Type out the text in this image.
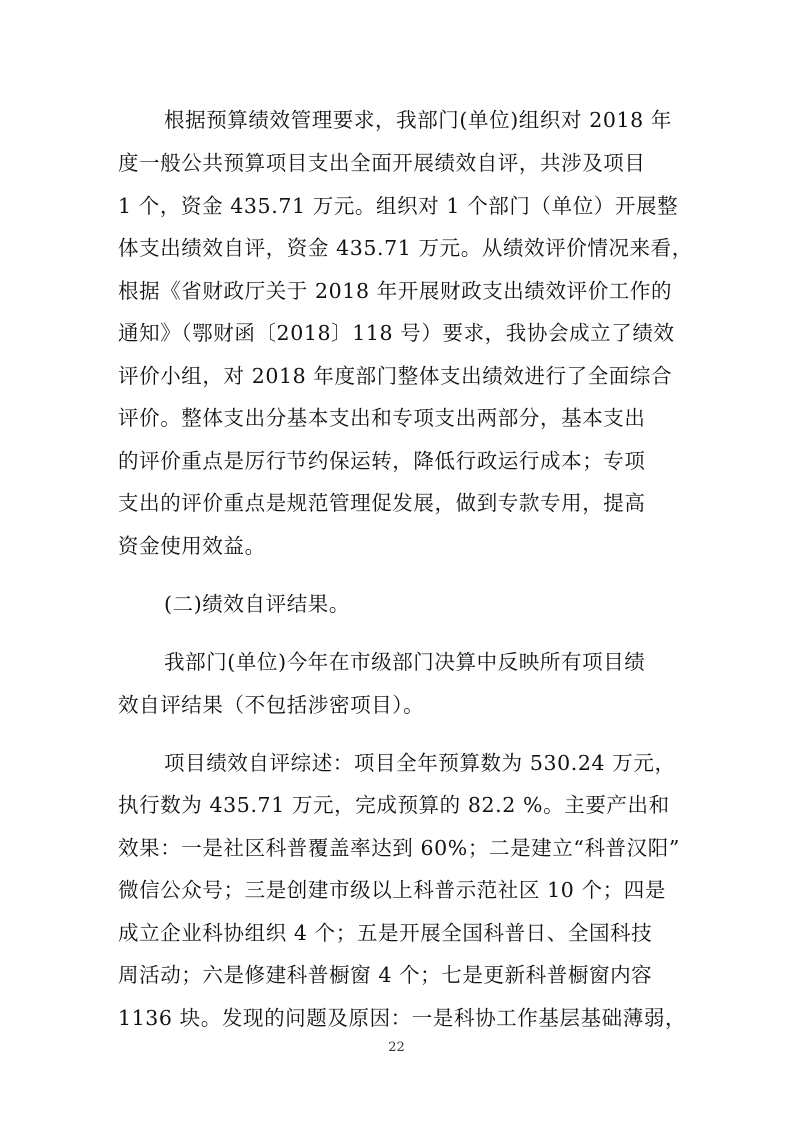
根据预算绩效管理要求，我部门(单位)组织对 2018 年
度一般公共预算项目支出全面开展绩效自评，共涉及项目
1 个，资金 435.71 万元。组织对 1 个部门（单位）开展整
体支出绩效自评，资金 435.71 万元。从绩效评价情况来看，
根据《省财政厅关于 2018 年开展财政支出绩效评价工作的
通知》（鄂财函〔2018〕118 号）要求，我协会成立了绩效
评价小组，对 2018 年度部门整体支出绩效进行了全面综合
评价。整体支出分基本支出和专项支出两部分，基本支出
的评价重点是厉行节约保运转，降低行政运行成本；专项
支出的评价重点是规范管理促发展，做到专款专用，提高
资金使用效益。
(二)绩效自评结果。
我部门(单位)今年在市级部门决算中反映所有项目绩
效自评结果（不包括涉密项目）。
项目绩效自评综述：项目全年预算数为 530.24 万元，
执行数为 435.71 万元，完成预算的 82.2 %。主要产出和
效果：一是社区科普覆盖率达到 60%；二是建立“科普汉阳”
微信公众号；三是创建市级以上科普示范社区 10 个；四是
成立企业科协组织 4 个；五是开展全国科普日、全国科技
周活动；六是修建科普橱窗 4 个；七是更新科普橱窗内容
1136 块。发现的问题及原因：一是科协工作基层基础薄弱，
22
